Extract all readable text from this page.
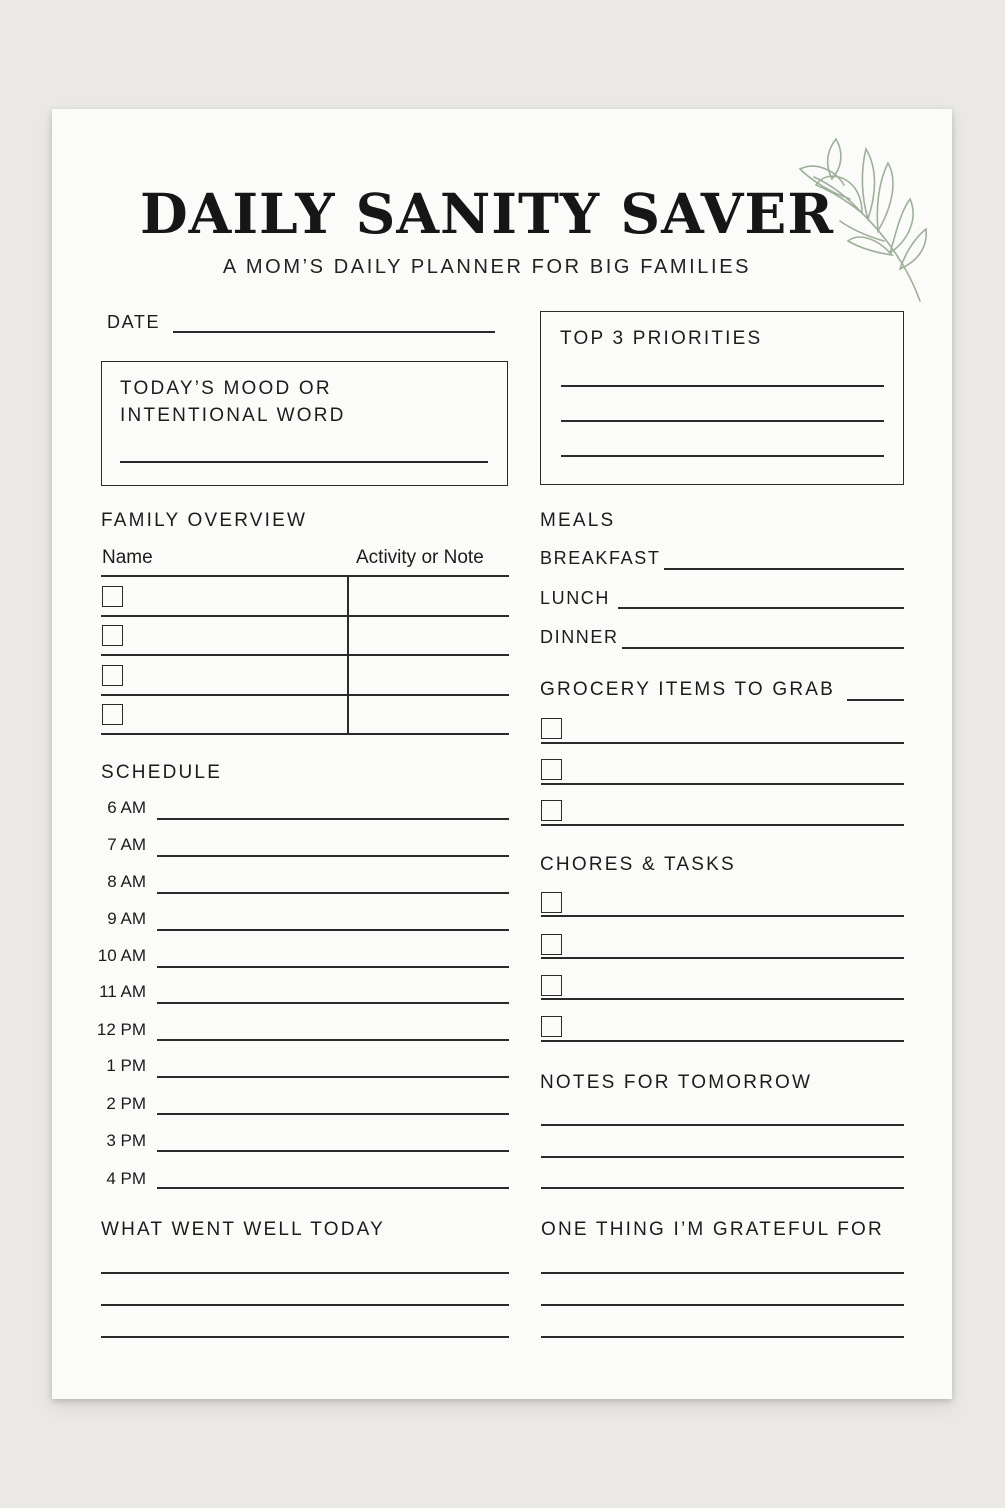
DAILY SANITY SAVER
A MOM’S DAILY PLANNER FOR BIG FAMILIES
DATE
TODAY’S MOOD OR
INTENTIONAL WORD
TOP 3 PRIORITIES
FAMILY OVERVIEW
Name	Activity or Note
SCHEDULE
6 AM
7 AM
8 AM
9 AM
10 AM
11 AM
12 PM
1 PM
2 PM
3 PM
4 PM
WHAT WENT WELL TODAY
MEALS
BREAKFAST
LUNCH
DINNER
GROCERY ITEMS TO GRAB
CHORES & TASKS
NOTES FOR TOMORROW
ONE THING I’M GRATEFUL FOR
